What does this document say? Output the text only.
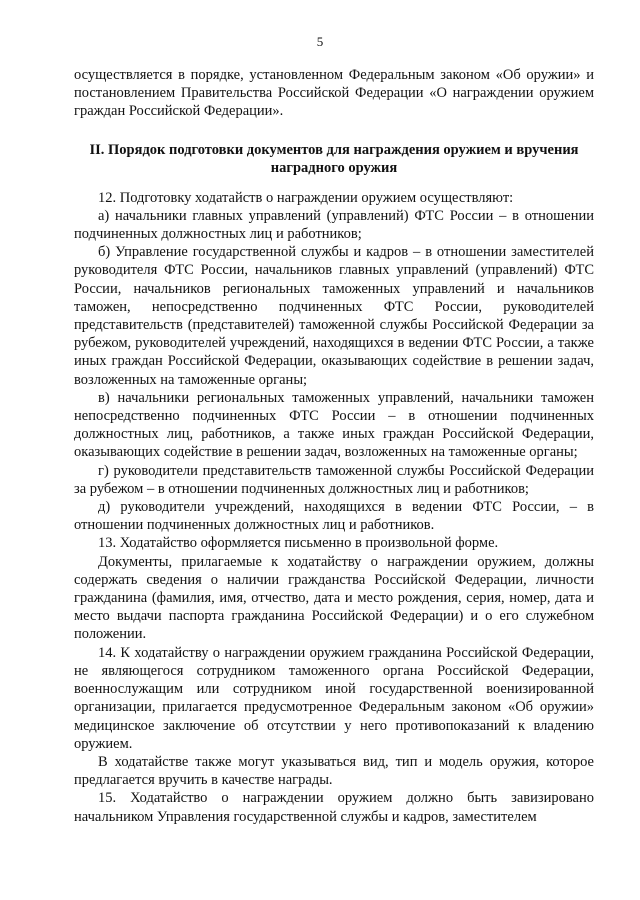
5

осуществляется в порядке, установленном Федеральным законом «Об оружии» и постановлением Правительства Российской Федерации «О награждении оружием граждан Российской Федерации».

II. Порядок подготовки документов для награждения оружием и вручения наградного оружия

12. Подготовку ходатайств о награждении оружием осуществляют:

а) начальники главных управлений (управлений) ФТС России – в отношении подчиненных должностных лиц и работников;

б) Управление государственной службы и кадров – в отношении заместителей руководителя ФТС России, начальников главных управлений (управлений) ФТС России, начальников региональных таможенных управлений и начальников таможен, непосредственно подчиненных ФТС России, руководителей представительств (представителей) таможенной службы Российской Федерации за рубежом, руководителей учреждений, находящихся в ведении ФТС России, а также иных граждан Российской Федерации, оказывающих содействие в решении задач, возложенных на таможенные органы;

в) начальники региональных таможенных управлений, начальники таможен непосредственно подчиненных ФТС России – в отношении подчиненных должностных лиц, работников, а также иных граждан Российской Федерации, оказывающих содействие в решении задач, возложенных на таможенные органы;

г) руководители представительств таможенной службы Российской Федерации за рубежом – в отношении подчиненных должностных лиц и работников;

д) руководители учреждений, находящихся в ведении ФТС России, – в отношении подчиненных должностных лиц и работников.

13. Ходатайство оформляется письменно в произвольной форме.

Документы, прилагаемые к ходатайству о награждении оружием, должны содержать сведения о наличии гражданства Российской Федерации, личности гражданина (фамилия, имя, отчество, дата и место рождения, серия, номер, дата и место выдачи паспорта гражданина Российской Федерации) и о его служебном положении.

14. К ходатайству о награждении оружием гражданина Российской Федерации, не являющегося сотрудником таможенного органа Российской Федерации, военнослужащим или сотрудником иной государственной военизированной организации, прилагается предусмотренное Федеральным законом «Об оружии» медицинское заключение об отсутствии у него противопоказаний к владению оружием.

В ходатайстве также могут указываться вид, тип и модель оружия, которое предлагается вручить в качестве награды.

15. Ходатайство о награждении оружием должно быть завизировано начальником Управления государственной службы и кадров, заместителем
